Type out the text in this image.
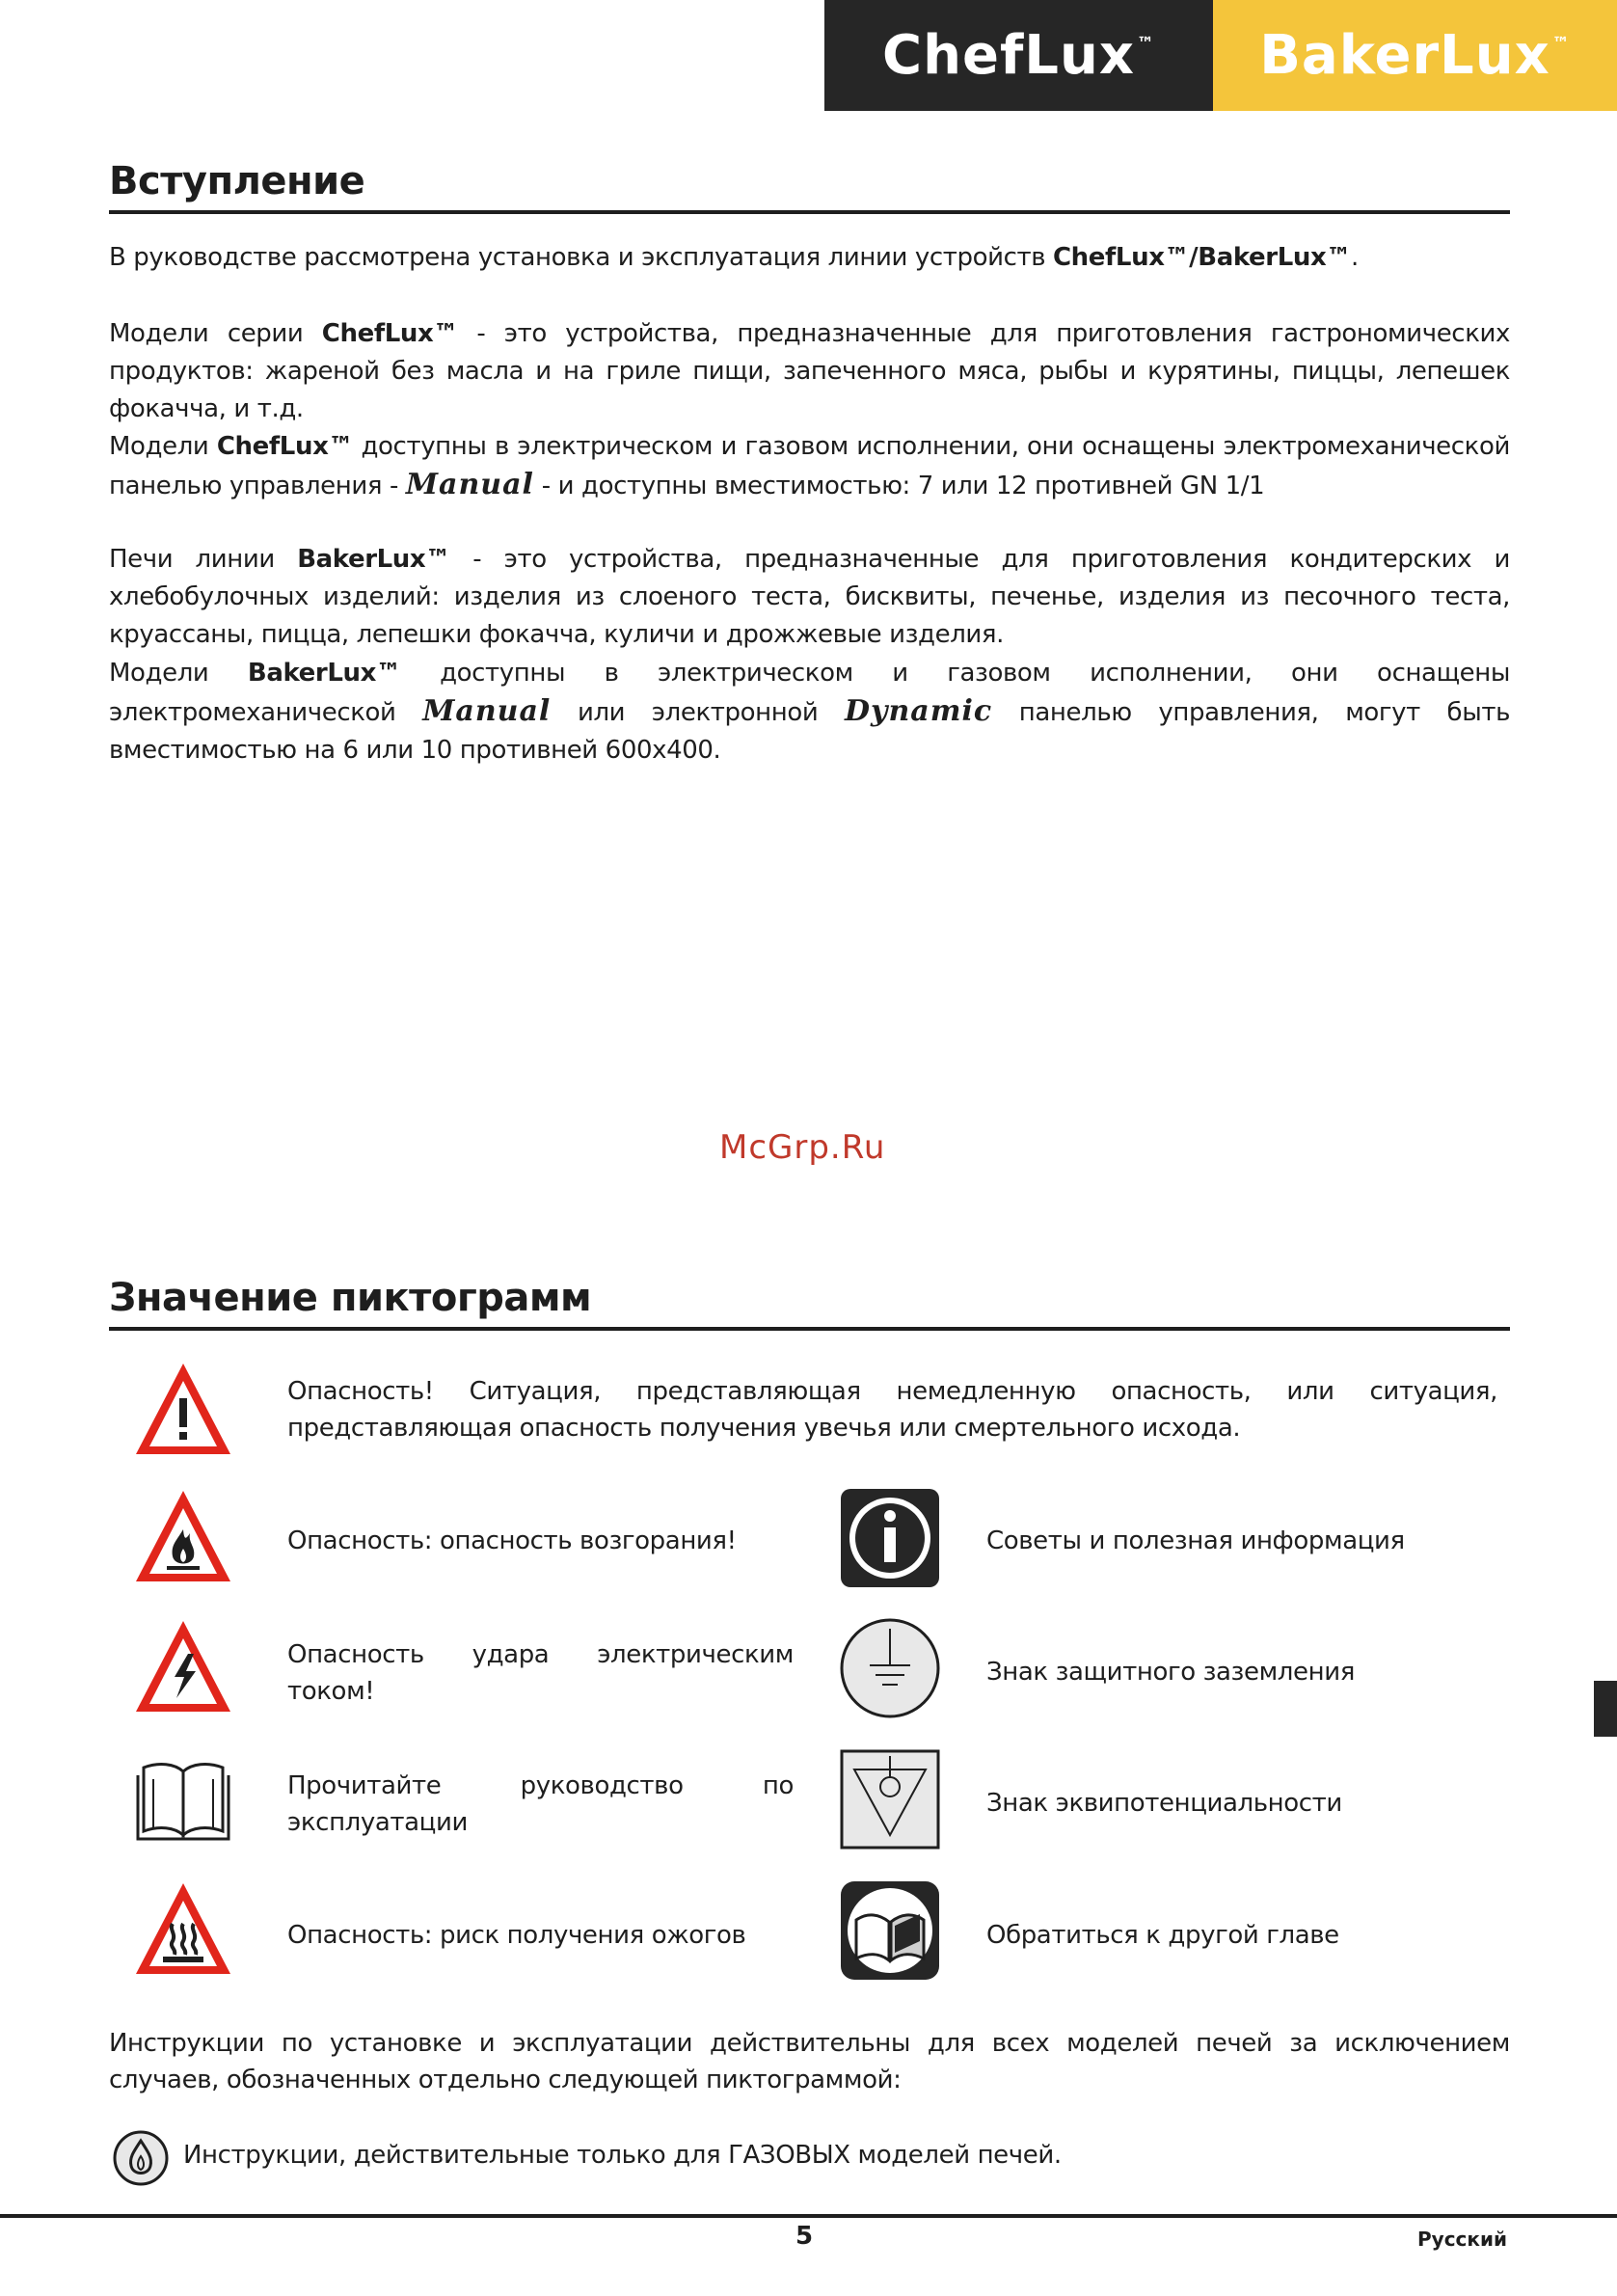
ChefLux™ BakerLux™
Вступление
В руководстве рассмотрена установка и эксплуатация линии устройств ChefLux™/BakerLux™.
Модели серии ChefLux™ - это устройства, предназначенные для приготовления гастрономических продуктов: жареной без масла и на гриле пищи, запеченного мяса, рыбы и курятины, пиццы, лепешек фокачча, и т.д.
Модели ChefLux™ доступны в электрическом и газовом исполнении, они оснащены электромеханической панелью управления - Manual - и доступны вместимостью: 7 или 12 противней GN 1/1
Печи линии BakerLux™ - это устройства, предназначенные для приготовления кондитерских и хлебобулочных изделий: изделия из слоеного теста, бисквиты, печенье, изделия из песочного теста, круассаны, пицца, лепешки фокачча, куличи и дрожжевые изделия.
Модели BakerLux™ доступны в электрическом и газовом исполнении, они оснащены электромеханической Manual или электронной Dynamic панелью управления, могут быть вместимостью на 6 или 10 противней 600x400.
McGrp.Ru
Значение пиктограмм
Опасность! Ситуация, представляющая немедленную опасность, или ситуация, представляющая опасность получения увечья или смертельного исхода.
Опасность: опасность возгорания!
Опасность удара электрическим током!
Прочитайте руководство по эксплуатации
Опасность: риск получения ожогов
Советы и полезная информация
Знак защитного заземления
Знак эквипотенциальности
Обратиться к другой главе
Инструкции по установке и эксплуатации действительны для всех моделей печей за исключением случаев, обозначенных отдельно следующей пиктограммой:
Инструкции, действительные только для ГАЗОВЫХ моделей печей.
5	Русский
